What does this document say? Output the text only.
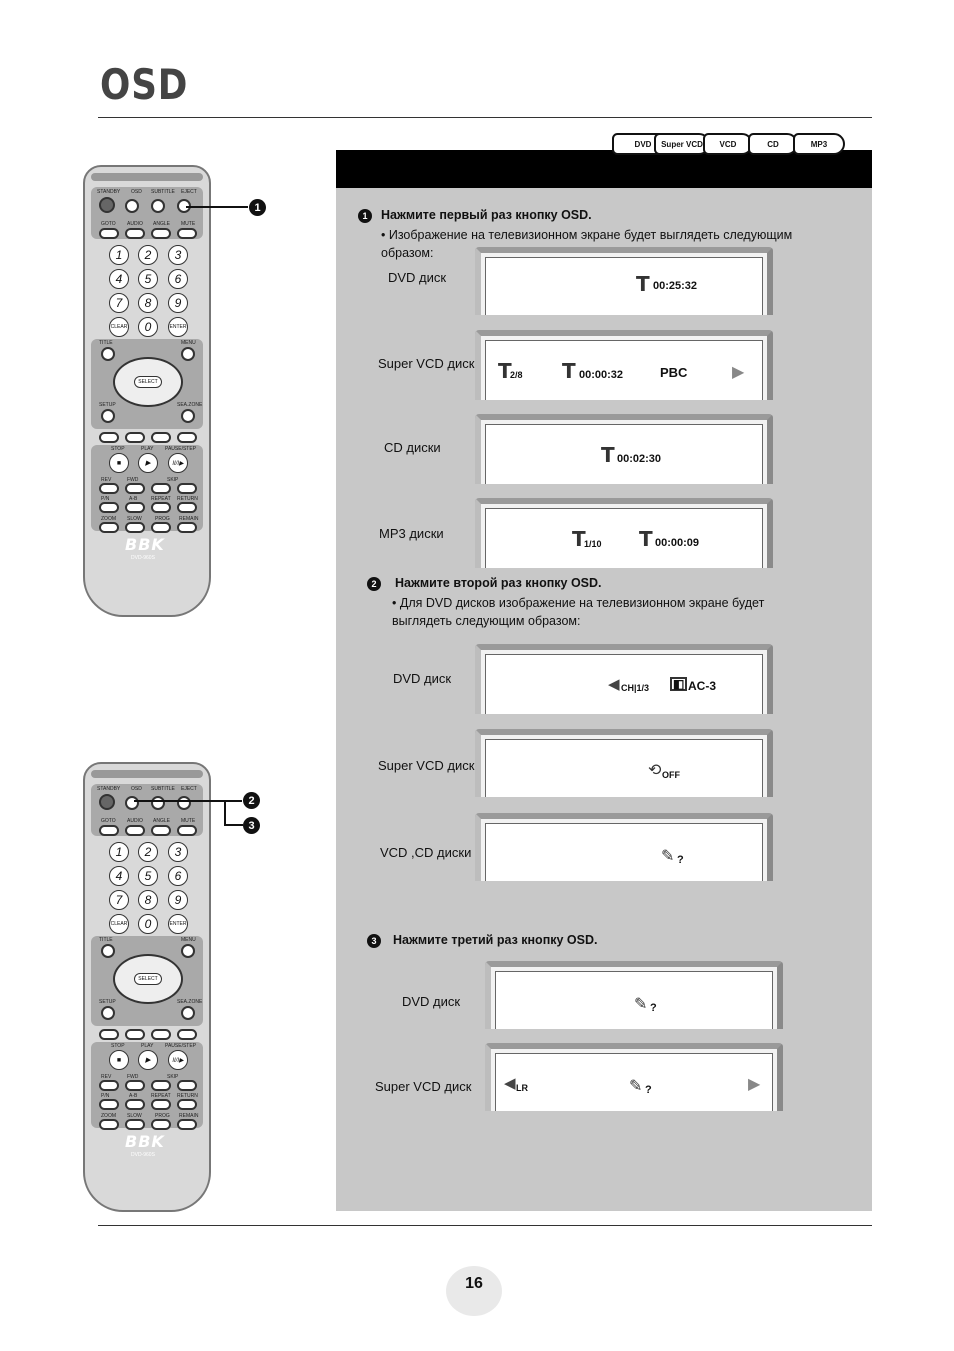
OSD
DVD	Super VCD	VCD	CD	MP3
STANDBY OSD SUBTITLE EJECT
GOTO AUDIO ANGLE MUTE
1	2	3
4	5	6
7	8	9
CLEAR	0	ENTER
TITLE	MENU
SELECT
SETUP	SEA.ZONE
STOP	PLAY PAUSE/STEP
■	▶	II/I▶
REV	FWD	SKIP
P/N	A-B	REPEAT RETURN
ZOOM SLOW	PROG REMAIN
BBK
DVD-960S
1
STANDBY OSD SUBTITLE EJECT
GOTO AUDIO ANGLE MUTE
1	2	3
4	5	6
7	8	9
CLEAR	0	ENTER
TITLE	MENU
SELECT
SETUP	SEA.ZONE
STOP	PLAY PAUSE/STEP
■	▶	II/I▶
REV	FWD	SKIP
P/N	A-B	REPEAT RETURN
ZOOM SLOW	PROG REMAIN
BBK
DVD-960S
2
3
1	Нажмите первый раз кнопку OSD.
• Изображение на телевизионном экране будет выглядеть следующим
образом:
DVD диск	T 00:25:32
Super VCD диск T
2/8 T 00:00:32	PBC	▶
CD диски	T 00:02:30
MP3 диски	T
1/10 T 00:00:09
2	Нажмите второй раз кнопку OSD.
• Для DVD дисков изображение на телевизионном экране будет
выглядеть следующим образом:
DVD диск	◀ CH|1/3 ◧ AC-3
Super VCD диск	⟲ OFF
VCD ,CD диски	✎ ?
3	Нажмите третий раз кнопку OSD.
DVD диск	✎ ?
Super VCD диск ◀ LR	✎ ?	▶
16
